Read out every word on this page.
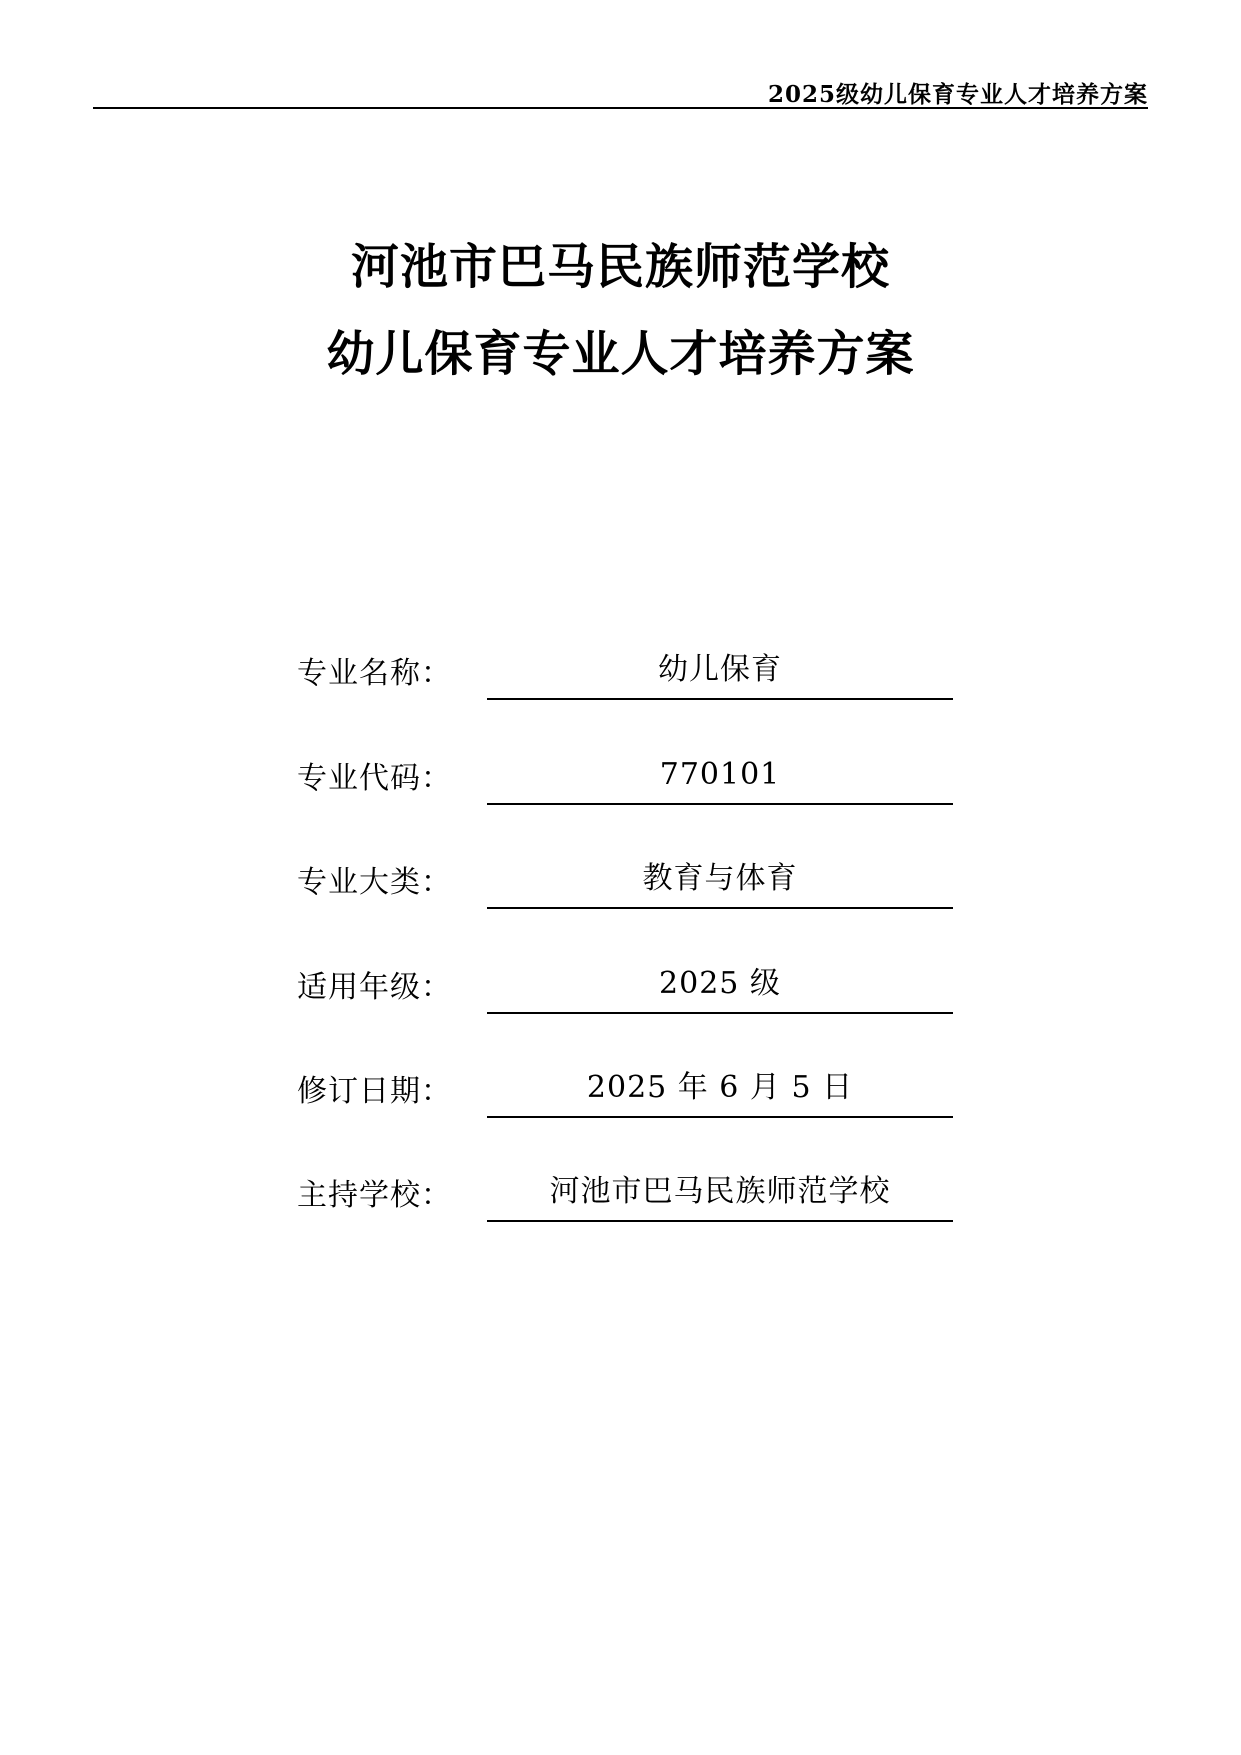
2025级幼儿保育专业人才培养方案
河池市巴马民族师范学校
幼儿保育专业人才培养方案
专业名称：	幼儿保育
专业代码：	770101
专业大类：	教育与体育
适用年级：	2025 级
修订日期：	2025 年 6 月 5 日
主持学校：	河池市巴马民族师范学校
